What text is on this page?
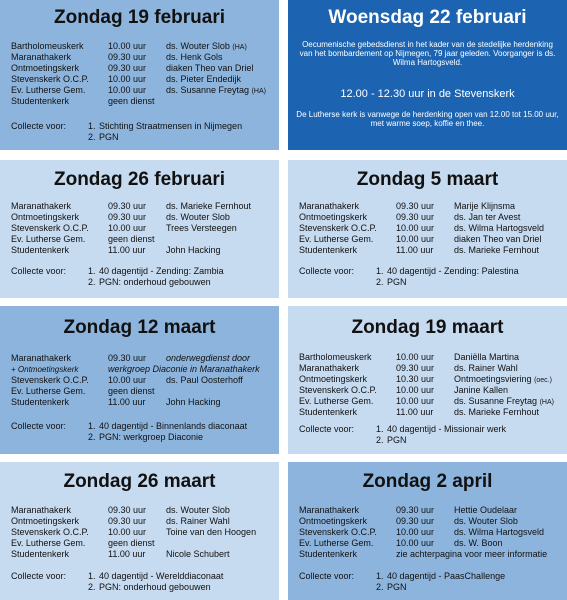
Zondag 19 februari
Bartholomeuskerk	10.00 uur ds. Wouter Slob (HA)
Maranathakerk	09.30 uur ds. Henk Gols
Ontmoetingskerk	09.30 uur diaken Theo van Driel
Stevenskerk O.C.P. 10.00 uur ds. Pieter Endedijk
Ev. Lutherse Gem.	10.00 uur ds. Susanne Freytag (HA)
Studentenkerk	geen dienst
Collecte voor: 1. Stichting Straatmensen in Nijmegen
2. PGN
Woensdag 22 februari
Oecumenische gebedsdienst in het kader van de stedelijke herdenking van het bombardement op Nijmegen, 79 jaar geleden. Voorganger is ds. Wilma Hartogsveld.
12.00 - 12.30 uur in de Stevenskerk
De Lutherse kerk is vanwege de herdenking open van 12.00 tot 15.00 uur, met warme soep, koffie en thee.
Zondag 26 februari
Maranathakerk	09.30 uur ds. Marieke Fernhout
Ontmoetingskerk	09.30 uur ds. Wouter Slob
Stevenskerk O.C.P. 10.00 uur Trees Versteegen
Ev. Lutherse Gem.	geen dienst
Studentenkerk	11.00 uur John Hacking
Collecte voor: 1. 40 dagentijd - Zending: Zambia
2. PGN: onderhoud gebouwen
Zondag 5 maart
Maranathakerk	09.30 uur Marije Klijnsma
Ontmoetingskerk	09.30 uur ds. Jan ter Avest
Stevenskerk O.C.P. 10.00 uur ds. Wilma Hartogsveld
Ev. Lutherse Gem.	10.00 uur diaken Theo van Driel
Studentenkerk	11.00 uur ds. Marieke Fernhout
Collecte voor: 1. 40 dagentijd - Zending: Palestina
2. PGN
Zondag 12 maart
Maranathakerk	09.30 uur onderwegdienst door
+ Ontmoetingskerk	werkgroep Diaconie in Maranathakerk
Stevenskerk O.C.P. 10.00 uur ds. Paul Oosterhoff
Ev. Lutherse Gem.	geen dienst
Studentenkerk	11.00 uur John Hacking
Collecte voor: 1. 40 dagentijd - Binnenlands diaconaat
2. PGN: werkgroep Diaconie
Zondag 19 maart
Bartholomeuskerk	10.00 uur Daniëlla Martina
Maranathakerk	09.30 uur ds. Rainer Wahl
Ontmoetingskerk	10.30 uur Ontmoetingsviering (oec.)
Stevenskerk O.C.P. 10.00 uur Janine Kallen
Ev. Lutherse Gem.	10.00 uur ds. Susanne Freytag (HA)
Studentenkerk	11.00 uur ds. Marieke Fernhout
Collecte voor: 1. 40 dagentijd - Missionair werk
2. PGN
Zondag 26 maart
Maranathakerk	09.30 uur ds. Wouter Slob
Ontmoetingskerk	09.30 uur ds. Rainer Wahl
Stevenskerk O.C.P. 10.00 uur Toine van den Hoogen
Ev. Lutherse Gem.	geen dienst
Studentenkerk	11.00 uur Nicole Schubert
Collecte voor: 1. 40 dagentijd - Werelddiaconaat
2. PGN: onderhoud gebouwen
Zondag 2 april
Maranathakerk	09.30 uur Hettie Oudelaar
Ontmoetingskerk	09.30 uur ds. Wouter Slob
Stevenskerk O.C.P. 10.00 uur ds. Wilma Hartogsveld
Ev. Lutherse Gem.	10.00 uur ds. W. Boon
Studentenkerk	zie achterpagina voor meer informatie
Collecte voor: 1. 40 dagentijd - PaasChallenge
2. PGN
